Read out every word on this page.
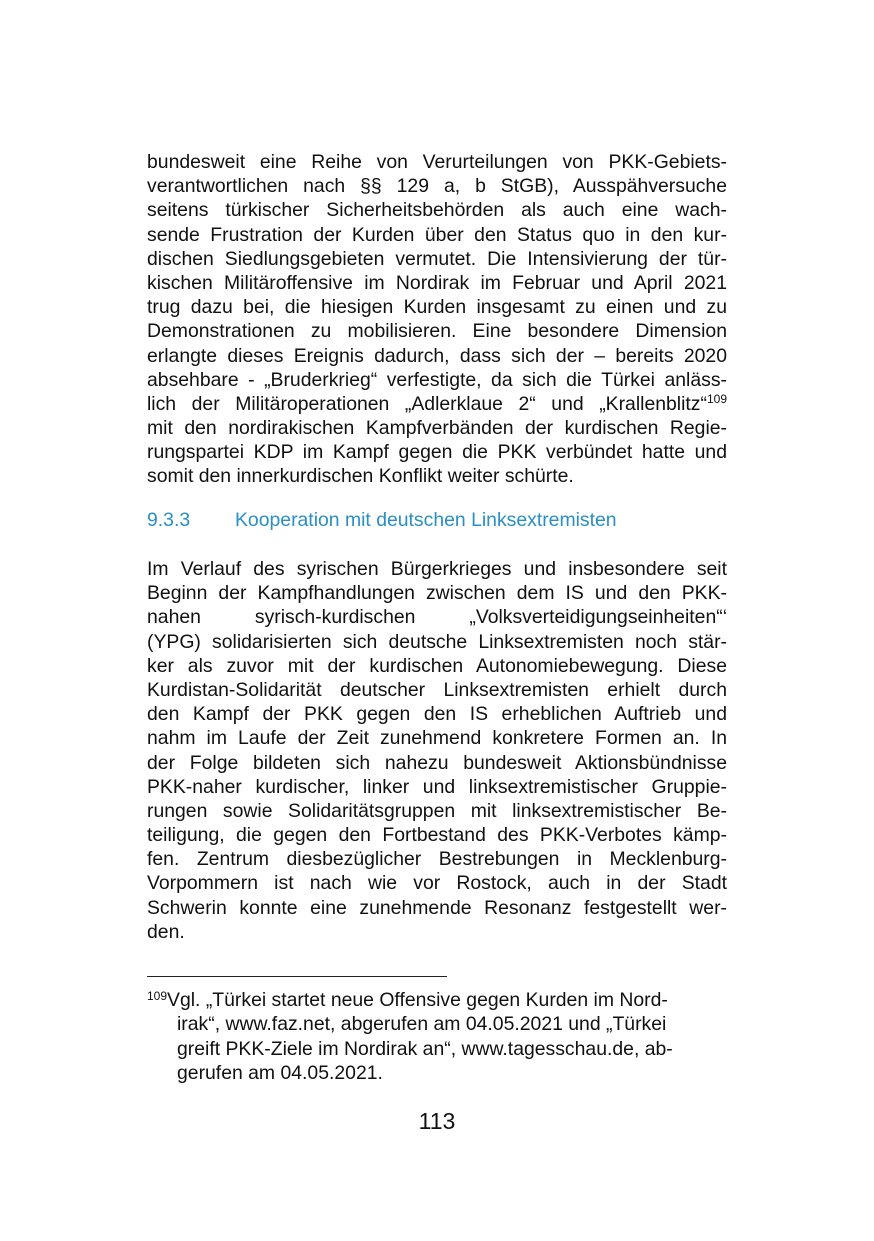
bundesweit eine Reihe von Verurteilungen von PKK-Gebiets-
verantwortlichen nach §§ 129 a, b StGB), Ausspähversuche
seitens türkischer Sicherheitsbehörden als auch eine wach-
sende Frustration der Kurden über den Status quo in den kur-
dischen Siedlungsgebieten vermutet. Die Intensivierung der tür-
kischen Militäroffensive im Nordirak im Februar und April 2021
trug dazu bei, die hiesigen Kurden insgesamt zu einen und zu
Demonstrationen zu mobilisieren. Eine besondere Dimension
erlangte dieses Ereignis dadurch, dass sich der – bereits 2020
absehbare - „Bruderkrieg“ verfestigte, da sich die Türkei anläss-
lich der Militäroperationen „Adlerklaue 2“ und „Krallenblitz“$^{109}$
mit den nordirakischen Kampfverbänden der kurdischen Regie-
rungspartei KDP im Kampf gegen die PKK verbündet hatte und
somit den innerkurdischen Konflikt weiter schürte.
9.3.3 Kooperation mit deutschen Linksextremisten
Im Verlauf des syrischen Bürgerkrieges und insbesondere seit
Beginn der Kampfhandlungen zwischen dem IS und den PKK-
nahen syrisch-kurdischen „Volksverteidigungseinheiten“‘
(YPG) solidarisierten sich deutsche Linksextremisten noch stär-
ker als zuvor mit der kurdischen Autonomiebewegung. Diese
Kurdistan-Solidarität deutscher Linksextremisten erhielt durch
den Kampf der PKK gegen den IS erheblichen Auftrieb und
nahm im Laufe der Zeit zunehmend konkretere Formen an. In
der Folge bildeten sich nahezu bundesweit Aktionsbündnisse
PKK-naher kurdischer, linker und linksextremistischer Gruppie-
rungen sowie Solidaritätsgruppen mit linksextremistischer Be-
teiligung, die gegen den Fortbestand des PKK-Verbotes kämp-
fen. Zentrum diesbezüglicher Bestrebungen in Mecklenburg-
Vorpommern ist nach wie vor Rostock, auch in der Stadt
Schwerin konnte eine zunehmende Resonanz festgestellt wer-
den.
$^{109}$Vgl. „Türkei startet neue Offensive gegen Kurden im Nord-
irak“, www.faz.net, abgerufen am 04.05.2021 und „Türkei
greift PKK-Ziele im Nordirak an“, www.tagesschau.de, ab-
gerufen am 04.05.2021.
113
